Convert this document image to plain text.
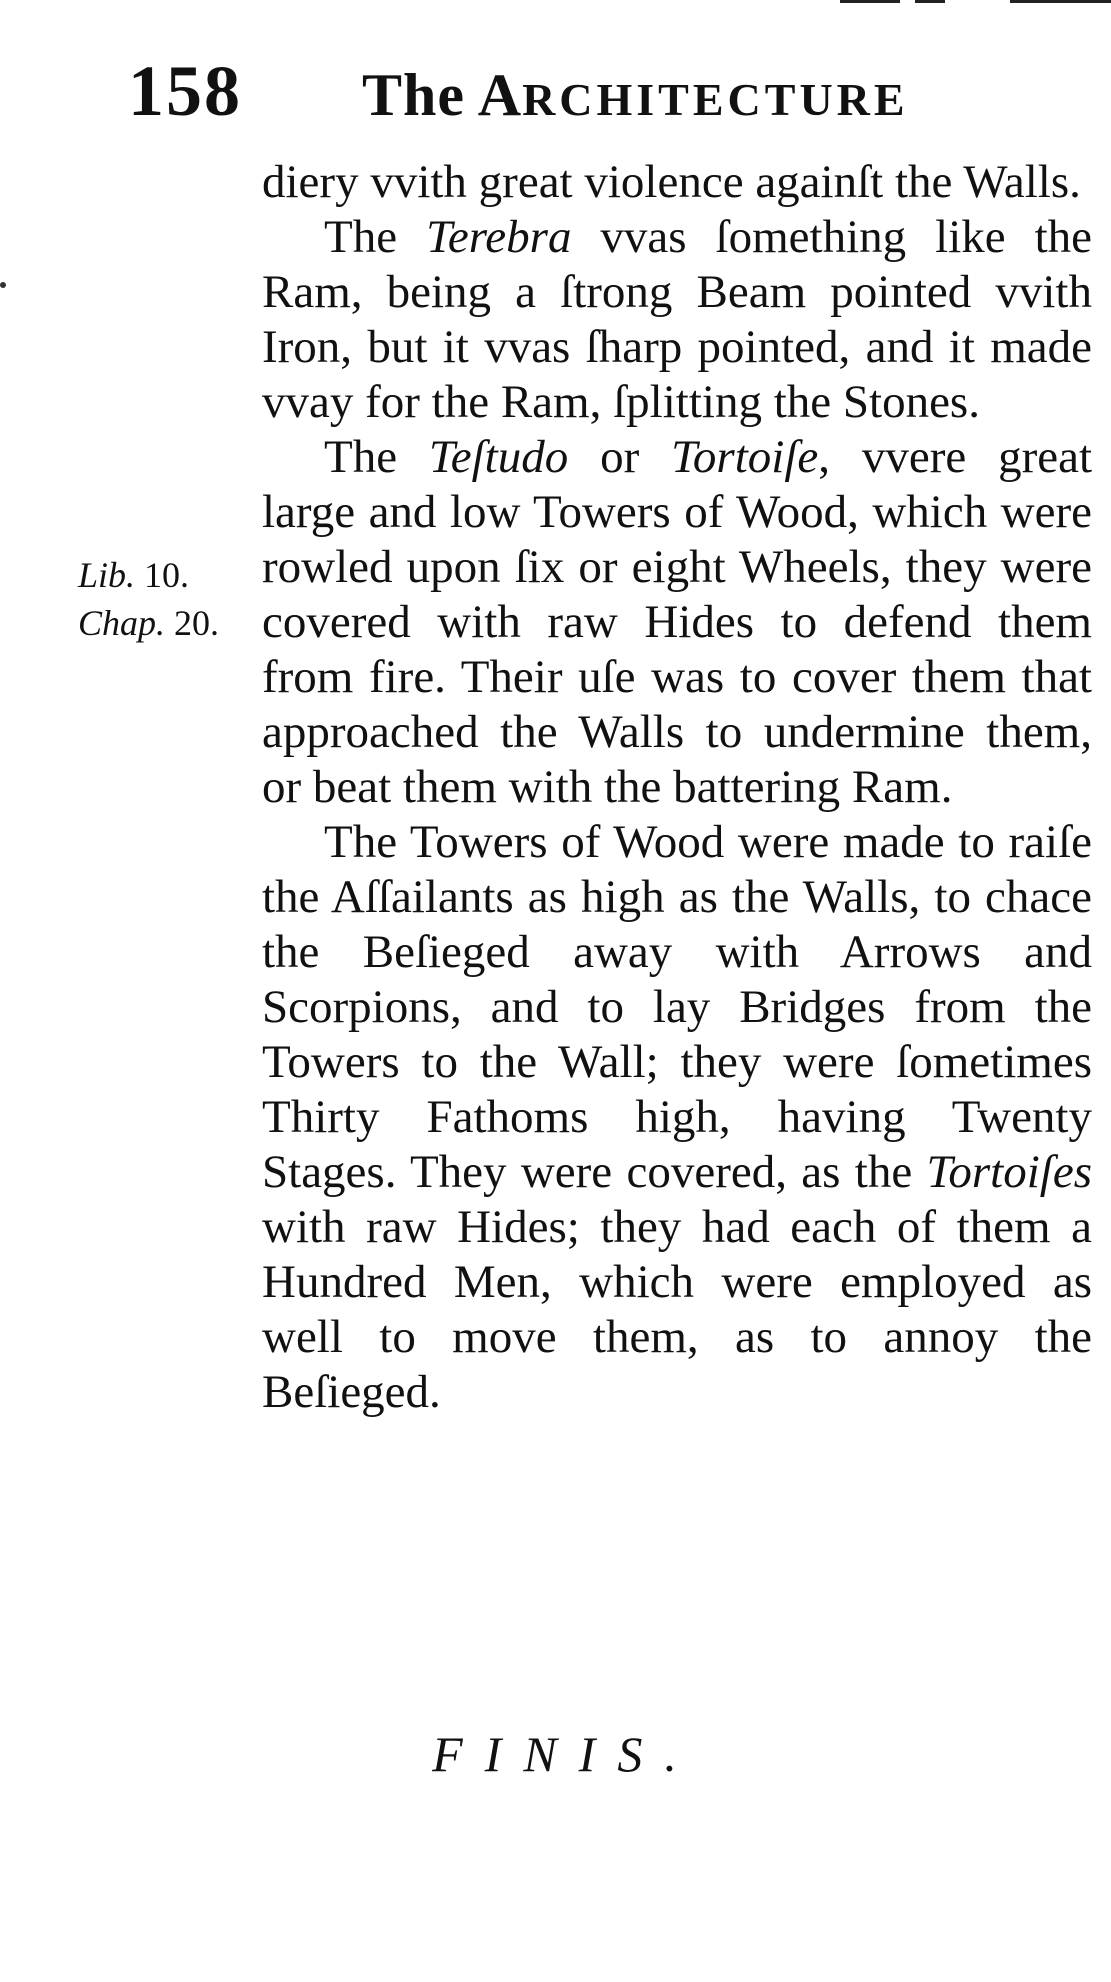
158 The ARCHITECTURE
Lib. 10.
Chap. 20.

diery vvith great violence againſt the Walls.

The Terebra vvas ſomething like the Ram, being a ſtrong Beam pointed vvith Iron, but it vvas ſharp pointed, and it made vvay for the Ram, ſplitting the Stones.

The Teſtudo or Tortoiſe, vvere great large and low Towers of Wood, which were rowled upon ſix or eight Wheels, they were covered with raw Hides to defend them from fire. Their uſe was to cover them that approached the Walls to undermine them, or beat them with the battering Ram.

The Towers of Wood were made to raiſe the Aſſailants as high as the Walls, to chace the Beſieged away with Arrows and Scorpions, and to lay Bridges from the Towers to the Wall; they were ſometimes Thirty Fathoms high, having Twenty Stages. They were covered, as the Tortoiſes with raw Hides; they had each of them a Hundred Men, which were employed as well to move them, as to annoy the Beſieged.

FINIS.
